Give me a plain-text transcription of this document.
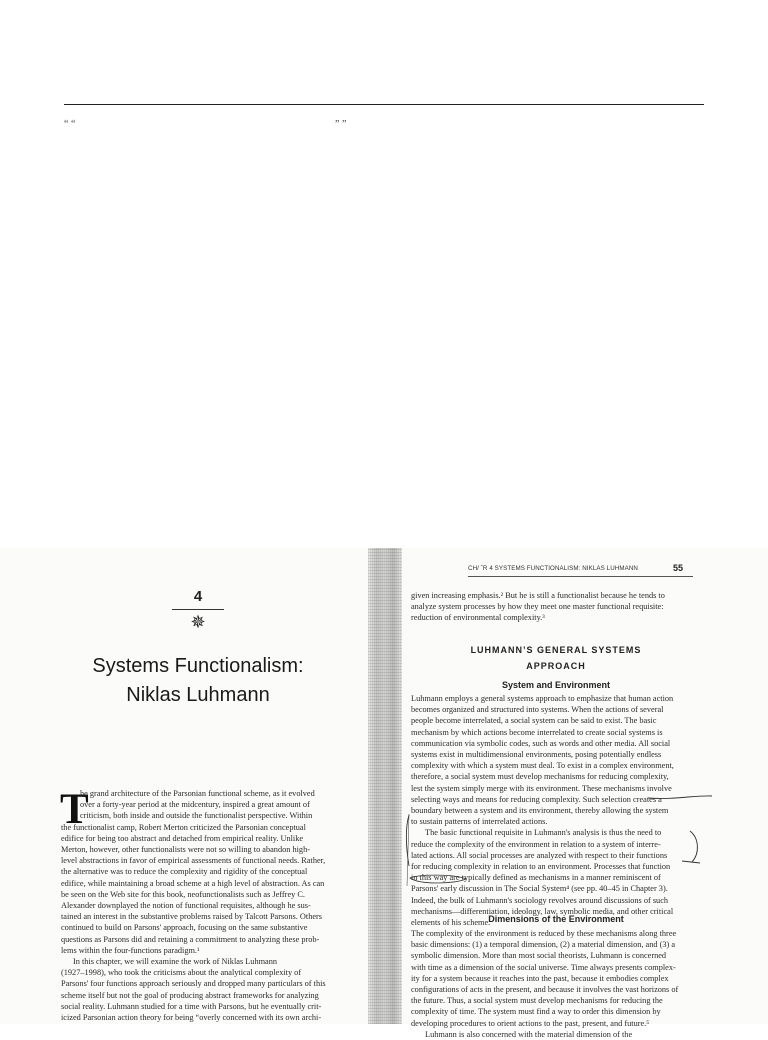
“ “	” ”
4
✵
Systems Functionalism:
Niklas Luhmann
T
he grand architecture of the Parsonian functional scheme, as it evolved
over a forty-year period at the midcentury, inspired a great amount of
criticism, both inside and outside the functionalist perspective. Within
the functionalist camp, Robert Merton criticized the Parsonian conceptual
edifice for being too abstract and detached from empirical reality. Unlike
Merton, however, other functionalists were not so willing to abandon high-
level abstractions in favor of empirical assessments of functional needs. Rather,
the alternative was to reduce the complexity and rigidity of the conceptual
edifice, while maintaining a broad scheme at a high level of abstraction. As can
be seen on the Web site for this book, neofunctionalists such as Jeffrey C.
Alexander downplayed the notion of functional requisites, although he sus-
tained an interest in the substantive problems raised by Talcott Parsons. Others
continued to build on Parsons' approach, focusing on the same substantive
questions as Parsons did and retaining a commitment to analyzing these prob-
lems within the four-functions paradigm.¹
In this chapter, we will examine the work of Niklas Luhmann
(1927–1998), who took the criticisms about the analytical complexity of
Parsons' four functions approach seriously and dropped many particulars of this
scheme itself but not the goal of producing abstract frameworks for analyzing
social reality. Luhmann studied for a time with Parsons, but he eventually crit-
icized Parsonian action theory for being “overly concerned with its own archi-
CH/ ˇR 4 SYSTEMS FUNCTIONALISM: NIKLAS LUHMANN	55
given increasing emphasis.² But he is still a functionalist because he tends to
analyze system processes by how they meet one master functional requisite:
reduction of environmental complexity.³
LUHMANN’S GENERAL SYSTEMS
APPROACH
System and Environment
Luhmann employs a general systems approach to emphasize that human action
becomes organized and structured into systems. When the actions of several
people become interrelated, a social system can be said to exist. The basic
mechanism by which actions become interrelated to create social systems is
communication via symbolic codes, such as words and other media. All social
systems exist in multidimensional environments, posing potentially endless
complexity with which a system must deal. To exist in a complex environment,
therefore, a social system must develop mechanisms for reducing complexity,
lest the system simply merge with its environment. These mechanisms involve
selecting ways and means for reducing complexity. Such selection creates a
boundary between a system and its environment, thereby allowing the system
to sustain patterns of interrelated actions.
The basic functional requisite in Luhmann's analysis is thus the need to
reduce the complexity of the environment in relation to a system of interre-
lated actions. All social processes are analyzed with respect to their functions
for reducing complexity in relation to an environment. Processes that function
in this way are typically defined as mechanisms in a manner reminiscent of
Parsons' early discussion in The Social System⁴ (see pp. 40–45 in Chapter 3).
Indeed, the bulk of Luhmann's sociology revolves around discussions of such
mechanisms—differentiation, ideology, law, symbolic media, and other critical
elements of his scheme.
Dimensions of the Environment
The complexity of the environment is reduced by these mechanisms along three
basic dimensions: (1) a temporal dimension, (2) a material dimension, and (3) a
symbolic dimension. More than most social theorists, Luhmann is concerned
with time as a dimension of the social universe. Time always presents complex-
ity for a system because it reaches into the past, because it embodies complex
configurations of acts in the present, and because it involves the vast horizons of
the future. Thus, a social system must develop mechanisms for reducing the
complexity of time. The system must find a way to order this dimension by
developing procedures to orient actions to the past, present, and future.⁵
Luhmann is also concerned with the material dimension of the
